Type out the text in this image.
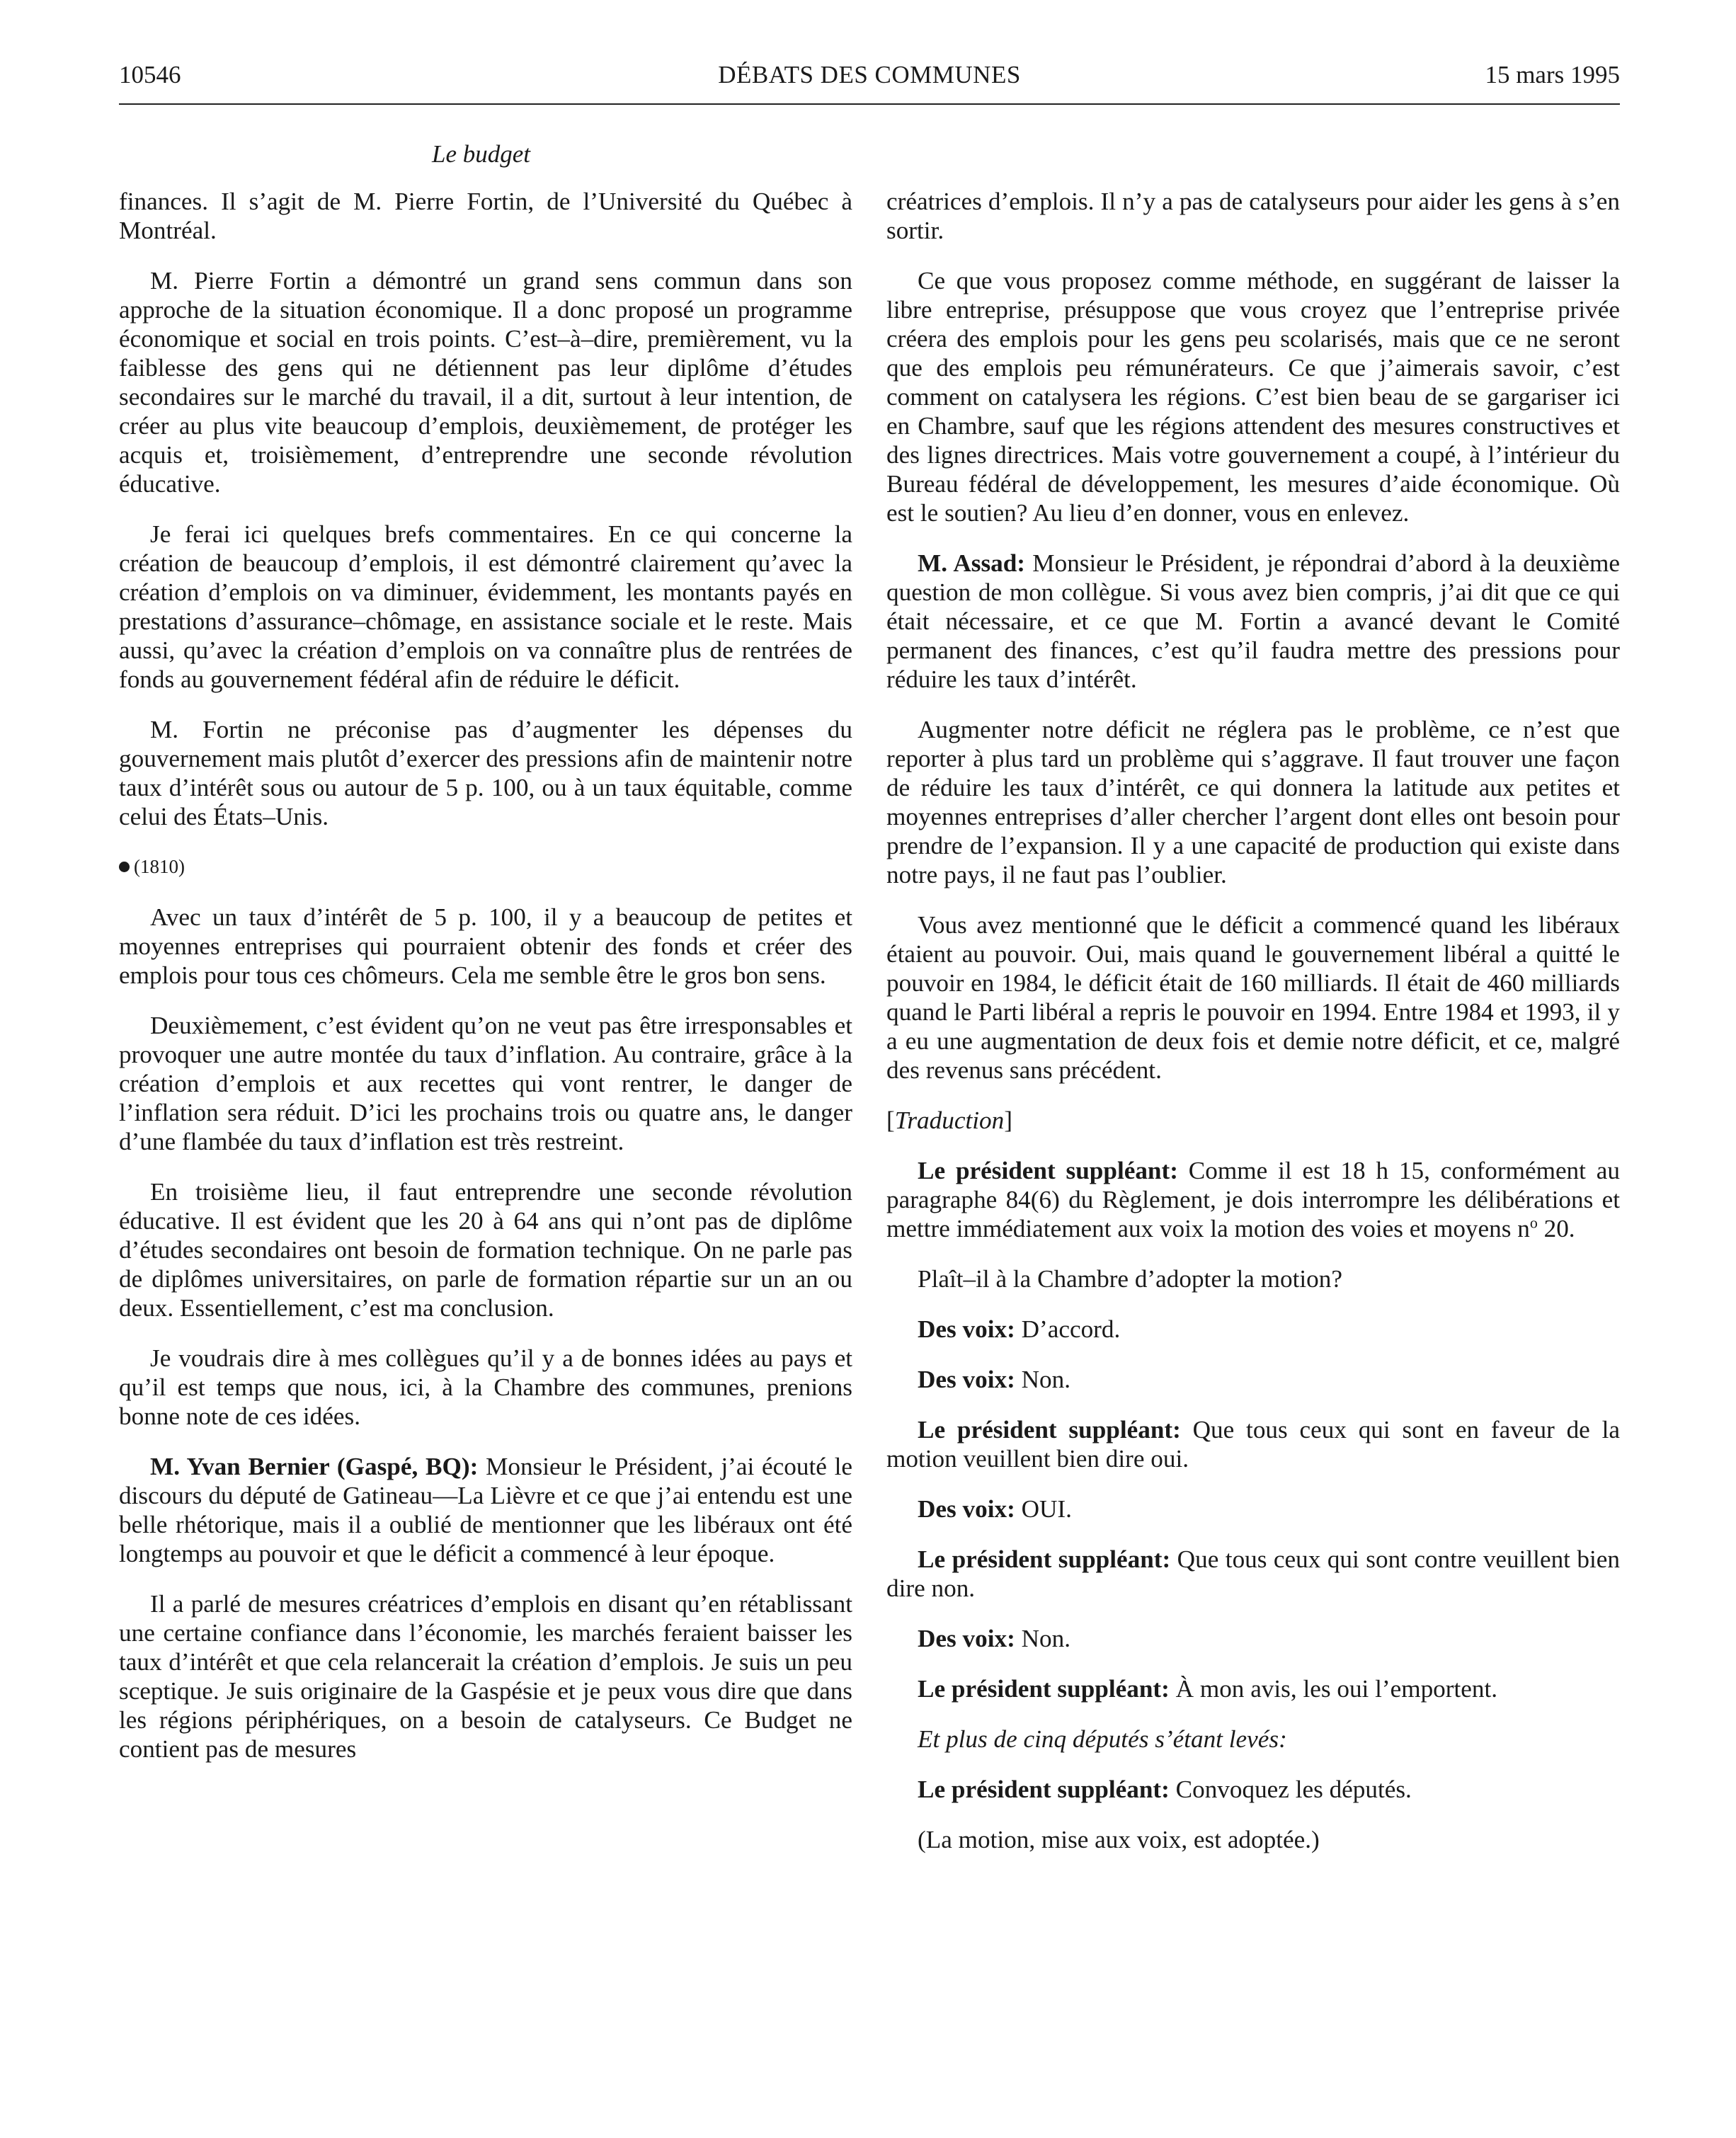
10546	DÉBATS DES COMMUNES	15 mars 1995
Le budget

finances. Il s’agit de M. Pierre Fortin, de l’Université du Québec à Montréal.

M. Pierre Fortin a démontré un grand sens commun dans son approche de la situation économique. Il a donc proposé un programme économique et social en trois points. C’est–à–dire, premièrement, vu la faiblesse des gens qui ne détiennent pas leur diplôme d’études secondaires sur le marché du travail, il a dit, surtout à leur intention, de créer au plus vite beaucoup d’emplois, deuxièmement, de protéger les acquis et, troisièmement, d’entreprendre une seconde révolution éducative.

Je ferai ici quelques brefs commentaires. En ce qui concerne la création de beaucoup d’emplois, il est démontré clairement qu’avec la création d’emplois on va diminuer, évidemment, les montants payés en prestations d’assurance–chômage, en assistance sociale et le reste. Mais aussi, qu’avec la création d’emplois on va connaître plus de rentrées de fonds au gouvernement fédéral afin de réduire le déficit.

M. Fortin ne préconise pas d’augmenter les dépenses du gouvernement mais plutôt d’exercer des pressions afin de maintenir notre taux d’intérêt sous ou autour de 5 p. 100, ou à un taux équitable, comme celui des États–Unis.

(1810)

Avec un taux d’intérêt de 5 p. 100, il y a beaucoup de petites et moyennes entreprises qui pourraient obtenir des fonds et créer des emplois pour tous ces chômeurs. Cela me semble être le gros bon sens.

Deuxièmement, c’est évident qu’on ne veut pas être irresponsables et provoquer une autre montée du taux d’inflation. Au contraire, grâce à la création d’emplois et aux recettes qui vont rentrer, le danger de l’inflation sera réduit. D’ici les prochains trois ou quatre ans, le danger d’une flambée du taux d’inflation est très restreint.

En troisième lieu, il faut entreprendre une seconde révolution éducative. Il est évident que les 20 à 64 ans qui n’ont pas de diplôme d’études secondaires ont besoin de formation technique. On ne parle pas de diplômes universitaires, on parle de formation répartie sur un an ou deux. Essentiellement, c’est ma conclusion.

Je voudrais dire à mes collègues qu’il y a de bonnes idées au pays et qu’il est temps que nous, ici, à la Chambre des communes, prenions bonne note de ces idées.

M. Yvan Bernier (Gaspé, BQ): Monsieur le Président, j’ai écouté le discours du député de Gatineau—La Lièvre et ce que j’ai entendu est une belle rhétorique, mais il a oublié de mentionner que les libéraux ont été longtemps au pouvoir et que le déficit a commencé à leur époque.

Il a parlé de mesures créatrices d’emplois en disant qu’en rétablissant une certaine confiance dans l’économie, les marchés feraient baisser les taux d’intérêt et que cela relancerait la création d’emplois. Je suis un peu sceptique. Je suis originaire de la Gaspésie et je peux vous dire que dans les régions périphériques, on a besoin de catalyseurs. Ce Budget ne contient pas de mesures

créatrices d’emplois. Il n’y a pas de catalyseurs pour aider les gens à s’en sortir.

Ce que vous proposez comme méthode, en suggérant de laisser la libre entreprise, présuppose que vous croyez que l’entreprise privée créera des emplois pour les gens peu scolarisés, mais que ce ne seront que des emplois peu rémunérateurs. Ce que j’aimerais savoir, c’est comment on catalysera les régions. C’est bien beau de se gargariser ici en Chambre, sauf que les régions attendent des mesures constructives et des lignes directrices. Mais votre gouvernement a coupé, à l’intérieur du Bureau fédéral de développement, les mesures d’aide économique. Où est le soutien? Au lieu d’en donner, vous en enlevez.

M. Assad: Monsieur le Président, je répondrai d’abord à la deuxième question de mon collègue. Si vous avez bien compris, j’ai dit que ce qui était nécessaire, et ce que M. Fortin a avancé devant le Comité permanent des finances, c’est qu’il faudra mettre des pressions pour réduire les taux d’intérêt.

Augmenter notre déficit ne réglera pas le problème, ce n’est que reporter à plus tard un problème qui s’aggrave. Il faut trouver une façon de réduire les taux d’intérêt, ce qui donnera la latitude aux petites et moyennes entreprises d’aller chercher l’argent dont elles ont besoin pour prendre de l’expansion. Il y a une capacité de production qui existe dans notre pays, il ne faut pas l’oublier.

Vous avez mentionné que le déficit a commencé quand les libéraux étaient au pouvoir. Oui, mais quand le gouvernement libéral a quitté le pouvoir en 1984, le déficit était de 160 milliards. Il était de 460 milliards quand le Parti libéral a repris le pouvoir en 1994. Entre 1984 et 1993, il y a eu une augmentation de deux fois et demie notre déficit, et ce, malgré des revenus sans précédent.

[Traduction]

Le président suppléant: Comme il est 18 h 15, conformément au paragraphe 84(6) du Règlement, je dois interrompre les délibérations et mettre immédiatement aux voix la motion des voies et moyens $n^o$ 20.

Plaît–il à la Chambre d’adopter la motion?

Des voix: D’accord.

Des voix: Non.

Le président suppléant: Que tous ceux qui sont en faveur de la motion veuillent bien dire oui.

Des voix: OUI.

Le président suppléant: Que tous ceux qui sont contre veuillent bien dire non.

Des voix: Non.

Le président suppléant: À mon avis, les oui l’emportent.

Et plus de cinq députés s’étant levés:

Le président suppléant: Convoquez les députés.

(La motion, mise aux voix, est adoptée.)
